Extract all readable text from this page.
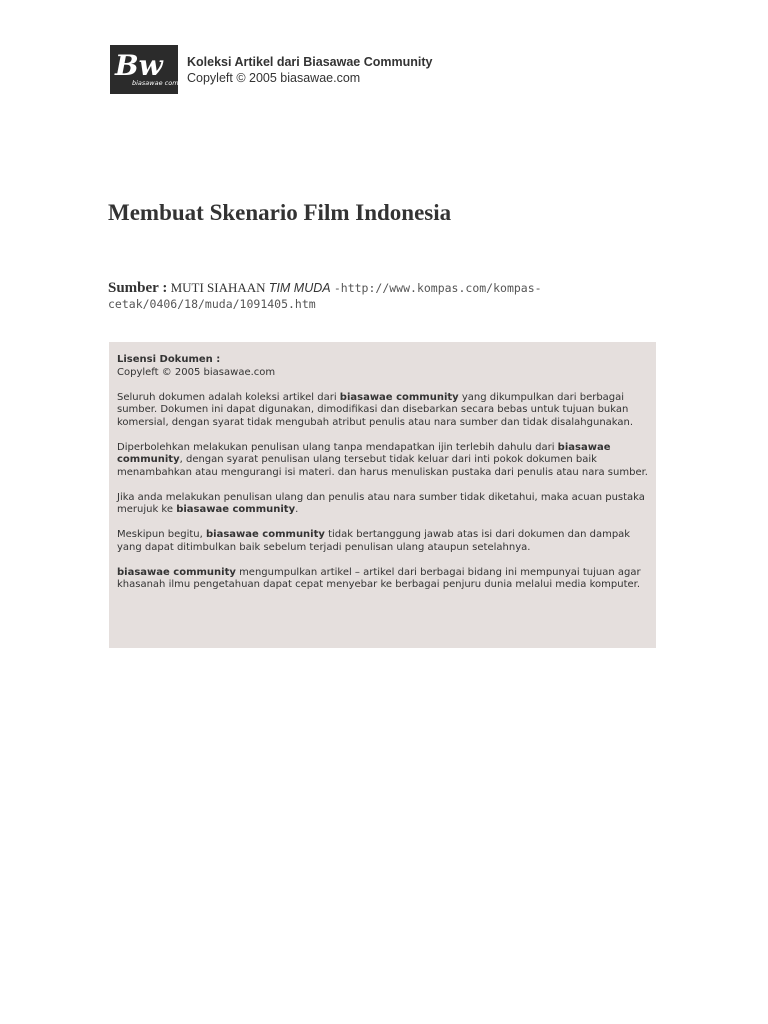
Bw
biasawae community
Koleksi Artikel dari Biasawae Community
Copyleft © 2005 biasawae.com
Membuat Skenario Film Indonesia
Sumber : MUTI SIAHAAN TIM MUDA -http://www.kompas.com/kompas-cetak/0406/18/muda/1091405.htm

Lisensi Dokumen :
Copyleft © 2005 biasawae.com

Seluruh dokumen adalah koleksi artikel dari biasawae community yang dikumpulkan dari berbagai sumber. Dokumen ini dapat digunakan, dimodifikasi dan disebarkan secara bebas untuk tujuan bukan komersial, dengan syarat tidak mengubah atribut penulis atau nara sumber dan tidak disalahgunakan.

Diperbolehkan melakukan penulisan ulang tanpa mendapatkan ijin terlebih dahulu dari biasawae community, dengan syarat penulisan ulang tersebut tidak keluar dari inti pokok dokumen baik menambahkan atau mengurangi isi materi. dan harus menuliskan pustaka dari penulis atau nara sumber.

Jika anda melakukan penulisan ulang dan penulis atau nara sumber tidak diketahui, maka acuan pustaka merujuk ke biasawae community.

Meskipun begitu, biasawae community tidak bertanggung jawab atas isi dari dokumen dan dampak yang dapat ditimbulkan baik sebelum terjadi penulisan ulang ataupun setelahnya.

biasawae community mengumpulkan artikel – artikel dari berbagai bidang ini mempunyai tujuan agar khasanah ilmu pengetahuan dapat cepat menyebar ke berbagai penjuru dunia melalui media komputer.
